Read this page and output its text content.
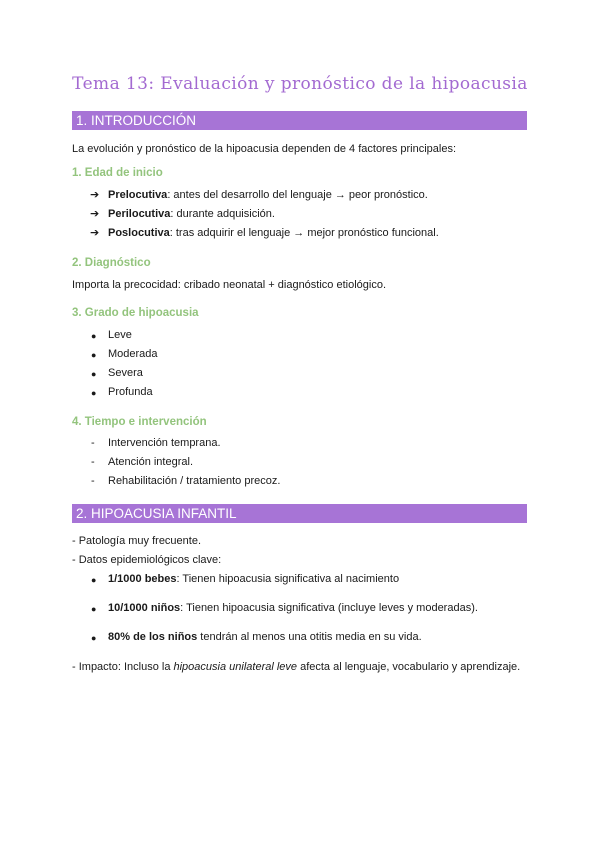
Tema 13: Evaluación y pronóstico de la hipoacusia
1. INTRODUCCIÓN
La evolución y pronóstico de la hipoacusia dependen de 4 factores principales:
1. Edad de inicio
➔ Prelocutiva: antes del desarrollo del lenguaje → peor pronóstico.
➔ Perilocutiva: durante adquisición.
➔ Poslocutiva: tras adquirir el lenguaje → mejor pronóstico funcional.
2. Diagnóstico
Importa la precocidad: cribado neonatal + diagnóstico etiológico.
3. Grado de hipoacusia
● Leve
● Moderada
● Severa
● Profunda
4. Tiempo e intervención
- Intervención temprana.
- Atención integral.
- Rehabilitación / tratamiento precoz.
2. HIPOACUSIA INFANTIL
- Patología muy frecuente.
- Datos epidemiológicos clave:
● 1/1000 bebes: Tienen hipoacusia significativa al nacimiento
● 10/1000 niños: Tienen hipoacusia significativa (incluye leves y moderadas).
● 80% de los niños tendrán al menos una otitis media en su vida.
- Impacto: Incluso la hipoacusia unilateral leve afecta al lenguaje, vocabulario y aprendizaje.
